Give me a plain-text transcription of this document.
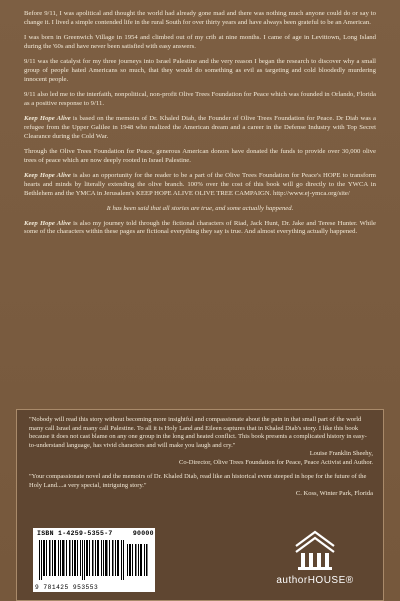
Before 9/11, I was apolitical and thought the world had already gone mad and there was nothing much anyone could do or say to change it. I lived a simple contended life in the rural South for over thirty years and have always been grateful to be an American.

I was born in Greenwich Village in 1954 and climbed out of my crib at nine months. I came of age in Levittown, Long Island during the '60s and have never been satisfied with easy answers.

9/11 was the catalyst for my three journeys into Israel Palestine and the very reason I began the research to discover why a small group of people hated Americans so much, that they would do something as evil as targeting and cold bloodedly murdering innocent people.

9/11 also led me to the interfaith, nonpolitical, non-profit Olive Trees Foundation for Peace which was founded in Orlando, Florida as a positive response to 9/11.

Keep Hope Alive is based on the memoirs of Dr. Khaled Diab, the Founder of Olive Trees Foundation for Peace. Dr Diab was a refugee from the Upper Galilee in 1948 who realized the American dream and a career in the Defense Industry with Top Secret Clearance during the Cold War.

Through the Olive Trees Foundation for Peace, generous American donors have donated the funds to provide over 30,000 olive trees of peace which are now deeply rooted in Israel Palestine.

Keep Hope Alive is also an opportunity for the reader to be a part of the Olive Trees Foundation for Peace's HOPE to transform hearts and minds by literally extending the olive branch. 100% over the cost of this book will go directly to the YWCA in Bethlehem and the YMCA in Jerusalem's KEEP HOPE ALIVE OLIVE TREE CAMPAIGN. http://www.ej-ymca.org/site/

It has been said that all stories are true, and some actually happened.

Keep Hope Alive is also my journey told through the fictional characters of Riad, Jack Hunt, Dr. Jake and Terese Hunter. While some of the characters within these pages are fictional everything they say is true. And almost everything actually happened.

"Nobody will read this story without becoming more insightful and compassionate about the pain in that small part of the world many call Israel and many call Palestine. To all it is Holy Land and Eileen captures that in Khaled Diab's story. I like this book because it does not cast blame on any one group in the long and heated conflict. This book presents a complicated history in easy-to-understand language, has vivid characters and will make you laugh and cry."

Louise Franklin Sheehy,
Co-Director, Olive Trees Foundation for Peace, Peace Activist and Author.

"Your compassionate novel and the memoirs of Dr. Khaled Diab, read like an historical event steeped in hope for the future of the Holy Land....a very special, intriguing story."

C. Koss, Winter Park, Florida

ISBN 1-4259-5355-7	90000
9 781425 953553
authorHOUSE®
